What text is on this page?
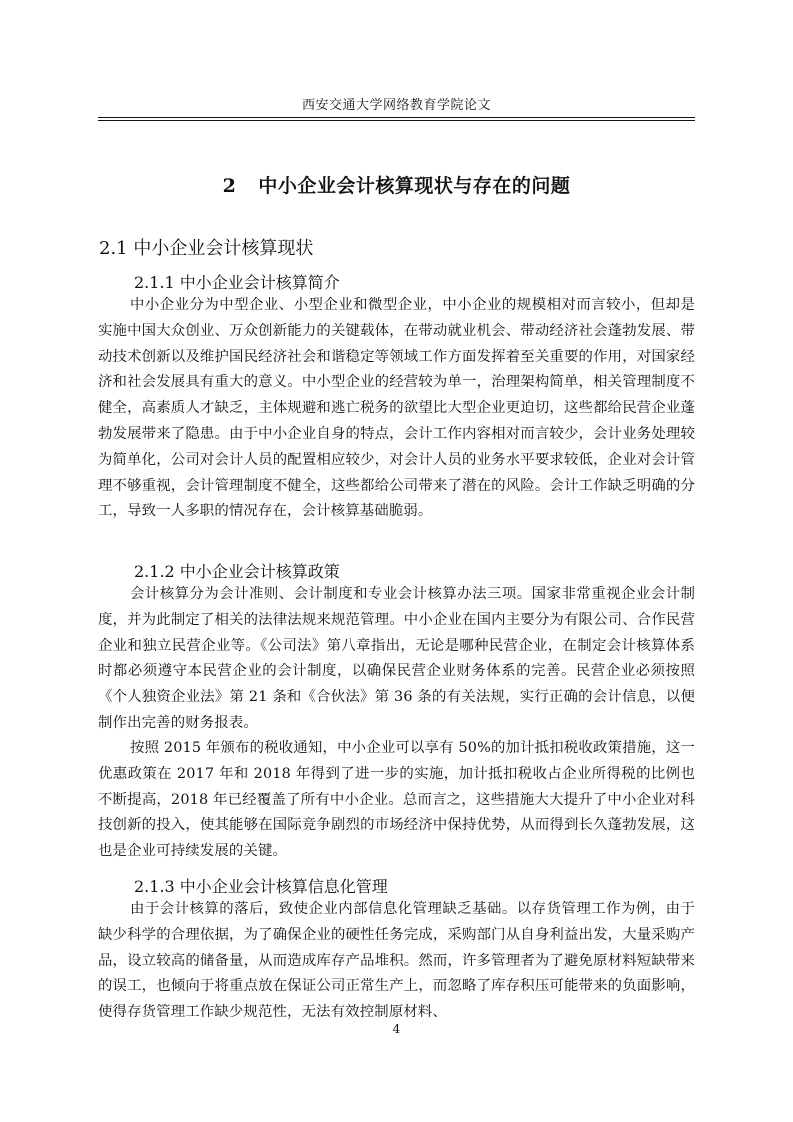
西安交通大学网络教育学院论文
2 中小企业会计核算现状与存在的问题
2.1 中小企业会计核算现状
2.1.1 中小企业会计核算简介
中小企业分为中型企业、小型企业和微型企业，中小企业的规模相对而言较小，但却是实施中国大众创业、万众创新能力的关键载体，在带动就业机会、带动经济社会蓬勃发展、带动技术创新以及维护国民经济社会和谐稳定等领域工作方面发挥着至关重要的作用，对国家经济和社会发展具有重大的意义。中小型企业的经营较为单一，治理架构简单，相关管理制度不健全，高素质人才缺乏，主体规避和逃亡税务的欲望比大型企业更迫切，这些都给民营企业蓬勃发展带来了隐患。由于中小企业自身的特点，会计工作内容相对而言较少，会计业务处理较为简单化，公司对会计人员的配置相应较少，对会计人员的业务水平要求较低，企业对会计管理不够重视，会计管理制度不健全，这些都给公司带来了潜在的风险。会计工作缺乏明确的分工，导致一人多职的情况存在，会计核算基础脆弱。
2.1.2 中小企业会计核算政策
会计核算分为会计准则、会计制度和专业会计核算办法三项。国家非常重视企业会计制度，并为此制定了相关的法律法规来规范管理。中小企业在国内主要分为有限公司、合作民营企业和独立民营企业等。《公司法》第八章指出，无论是哪种民营企业，在制定会计核算体系时都必须遵守本民营企业的会计制度，以确保民营企业财务体系的完善。民营企业必须按照《个人独资企业法》第 21 条和《合伙法》第 36 条的有关法规，实行正确的会计信息，以便制作出完善的财务报表。
按照 2015 年颁布的税收通知，中小企业可以享有 50%的加计抵扣税收政策措施，这一优惠政策在 2017 年和 2018 年得到了进一步的实施，加计抵扣税收占企业所得税的比例也不断提高，2018 年已经覆盖了所有中小企业。总而言之，这些措施大大提升了中小企业对科技创新的投入，使其能够在国际竞争剧烈的市场经济中保持优势，从而得到长久蓬勃发展，这也是企业可持续发展的关键。
2.1.3 中小企业会计核算信息化管理
由于会计核算的落后，致使企业内部信息化管理缺乏基础。以存货管理工作为例，由于缺少科学的合理依据，为了确保企业的硬性任务完成，采购部门从自身利益出发，大量采购产品，设立较高的储备量，从而造成库存产品堆积。然而，许多管理者为了避免原材料短缺带来的误工，也倾向于将重点放在保证公司正常生产上，而忽略了库存积压可能带来的负面影响，使得存货管理工作缺少规范性，无法有效控制原材料、
4
